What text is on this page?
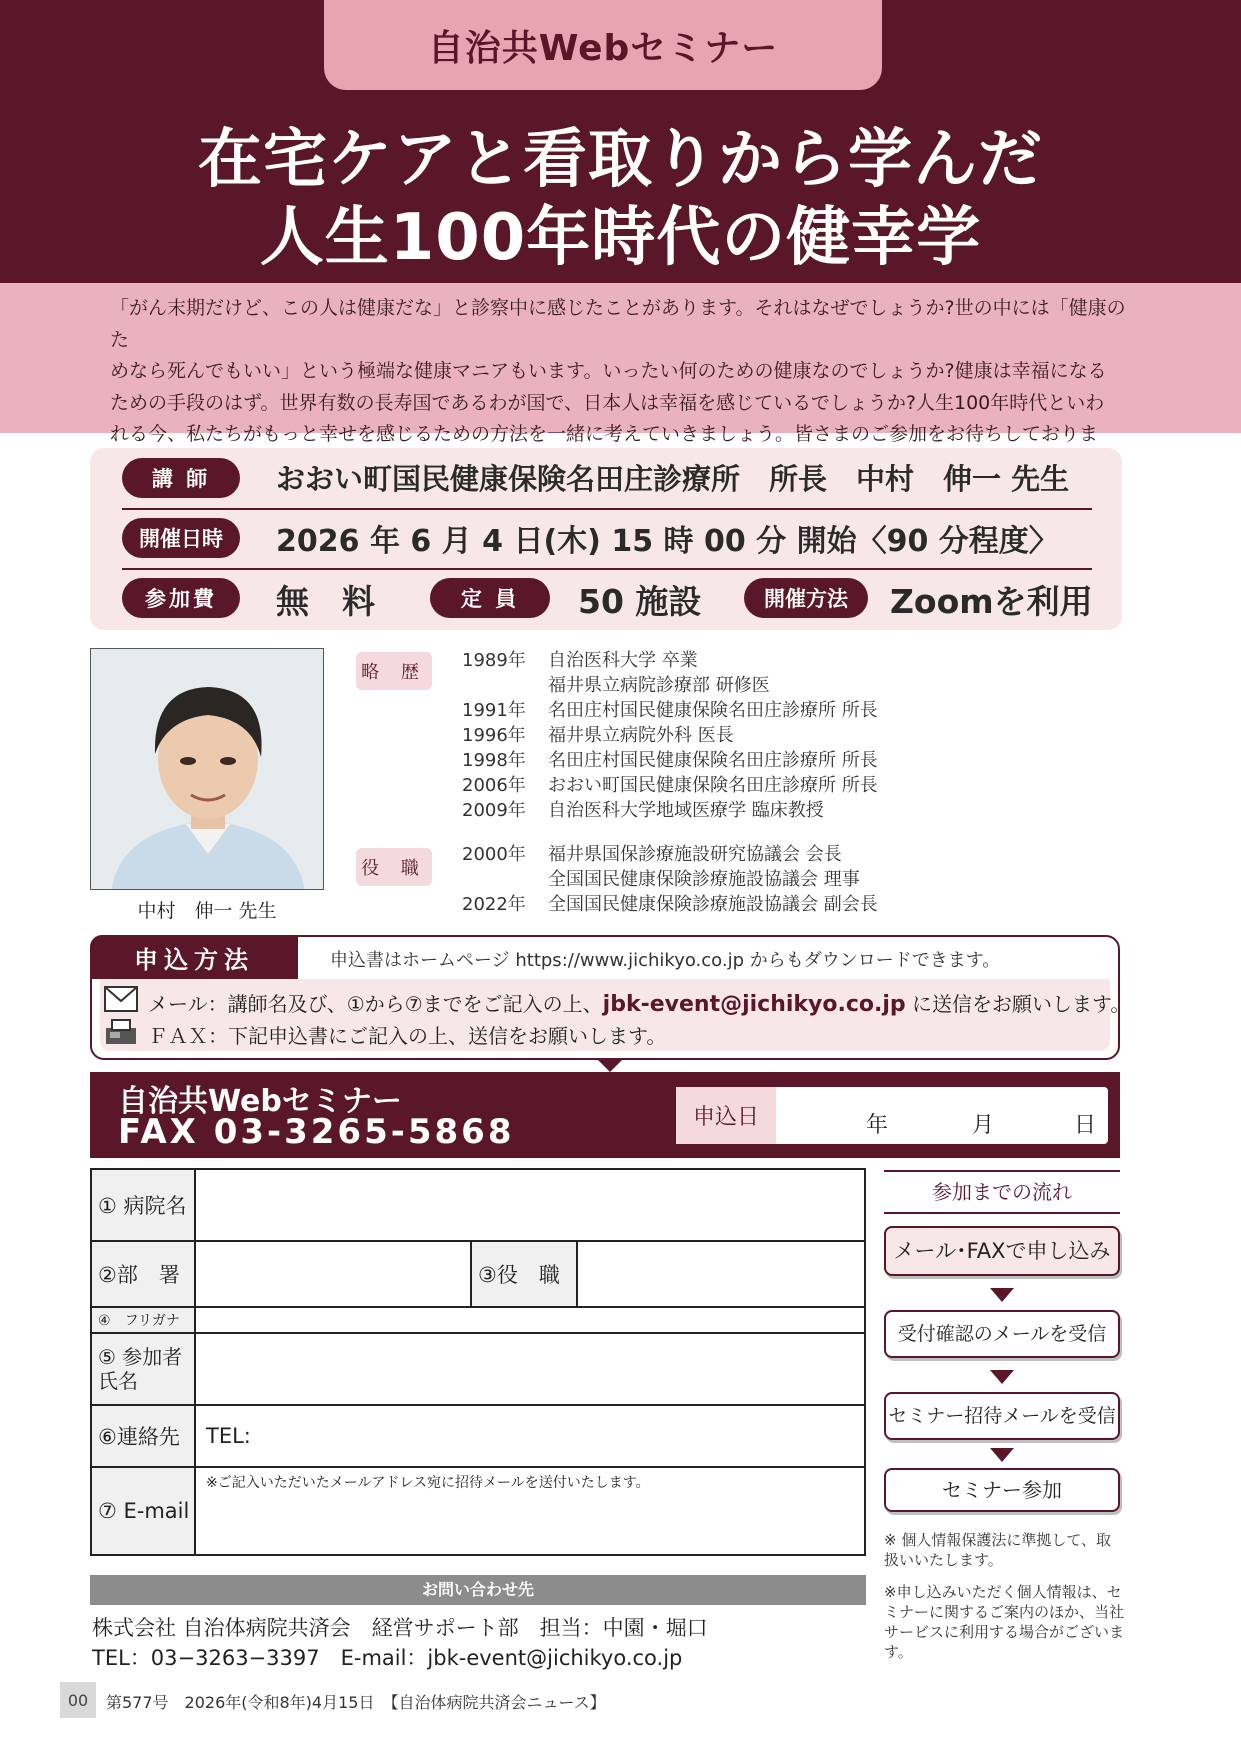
自治共Webセミナー
在宅ケアと看取りから学んだ
人生100年時代の健幸学

「がん末期だけど、この人は健康だな」と診察中に感じたことがあります。それはなぜでしょうか?世の中には「健康のた

めなら死んでもいい」という極端な健康マニアもいます。いったい何のための健康なのでしょうか?健康は幸福になる

ための手段のはず。世界有数の長寿国であるわが国で、日本人は幸福を感じているでしょうか?人生100年時代といわ

れる今、私たちがもっと幸せを感じるための方法を一緒に考えていきましょう。皆さまのご参加をお待ちしておりま

講 師	おおい町国民健康保険名田庄診療所　所長　中村　伸一 先生
開催日時	2026 年 6 月 4 日(木) 15 時 00 分 開始〈90 分程度〉
参加費	無　料	定 員	50 施設	開催方法	Zoomを利用
中村　伸一 先生
略 歴
1989年 自治医科大学 卒業
福井県立病院診療部 研修医
1991年 名田庄村国民健康保険名田庄診療所 所長
1996年 福井県立病院外科 医長
1998年 名田庄村国民健康保険名田庄診療所 所長
2006年 おおい町国民健康保険名田庄診療所 所長
2009年 自治医科大学地域医療学 臨床教授
役 職
2000年 福井県国保診療施設研究協議会 会長
全国国民健康保険診療施設協議会 理事
2022年 全国国民健康保険診療施設協議会 副会長
申込方法	申込書はホームページ https://www.jichikyo.co.jp からもダウンロードできます。
メール：講師名及び、①から⑦までをご記入の上、jbk-event@jichikyo.co.jp に送信をお願いします。
ＦＡＸ：下記申込書にご記入の上、送信をお願いします。
自治共Webセミナー
FAX 03-3265-5868	申込日	年	月	日
① 病院名			
②部　署		③役　職	
④　 フリガナ			
⑤ 参加者 氏名			
⑥連絡先	TEL:		
⑦ E-mail	※ご記入いただいたメールアドレス宛に招待メールを送付いたします。		
参加までの流れ
メール･FAXで申し込み
受付確認のメールを受信
セミナー招待メールを受信
セミナー参加
※ 個人情報保護法に準拠して、取扱いいたします。
※申し込みいただく個人情報は、セミナーに関するご案内のほか、当社サービスに利用する場合がございます。
お問い合わせ先
株式会社 自治体病院共済会　経営サポート部　担当：中園・堀口
TEL：03−3263−3397　E-mail：jbk-event@jichikyo.co.jp
00	第577号　2026年(令和8年)4月15日　【自治体病院共済会ニュース】
